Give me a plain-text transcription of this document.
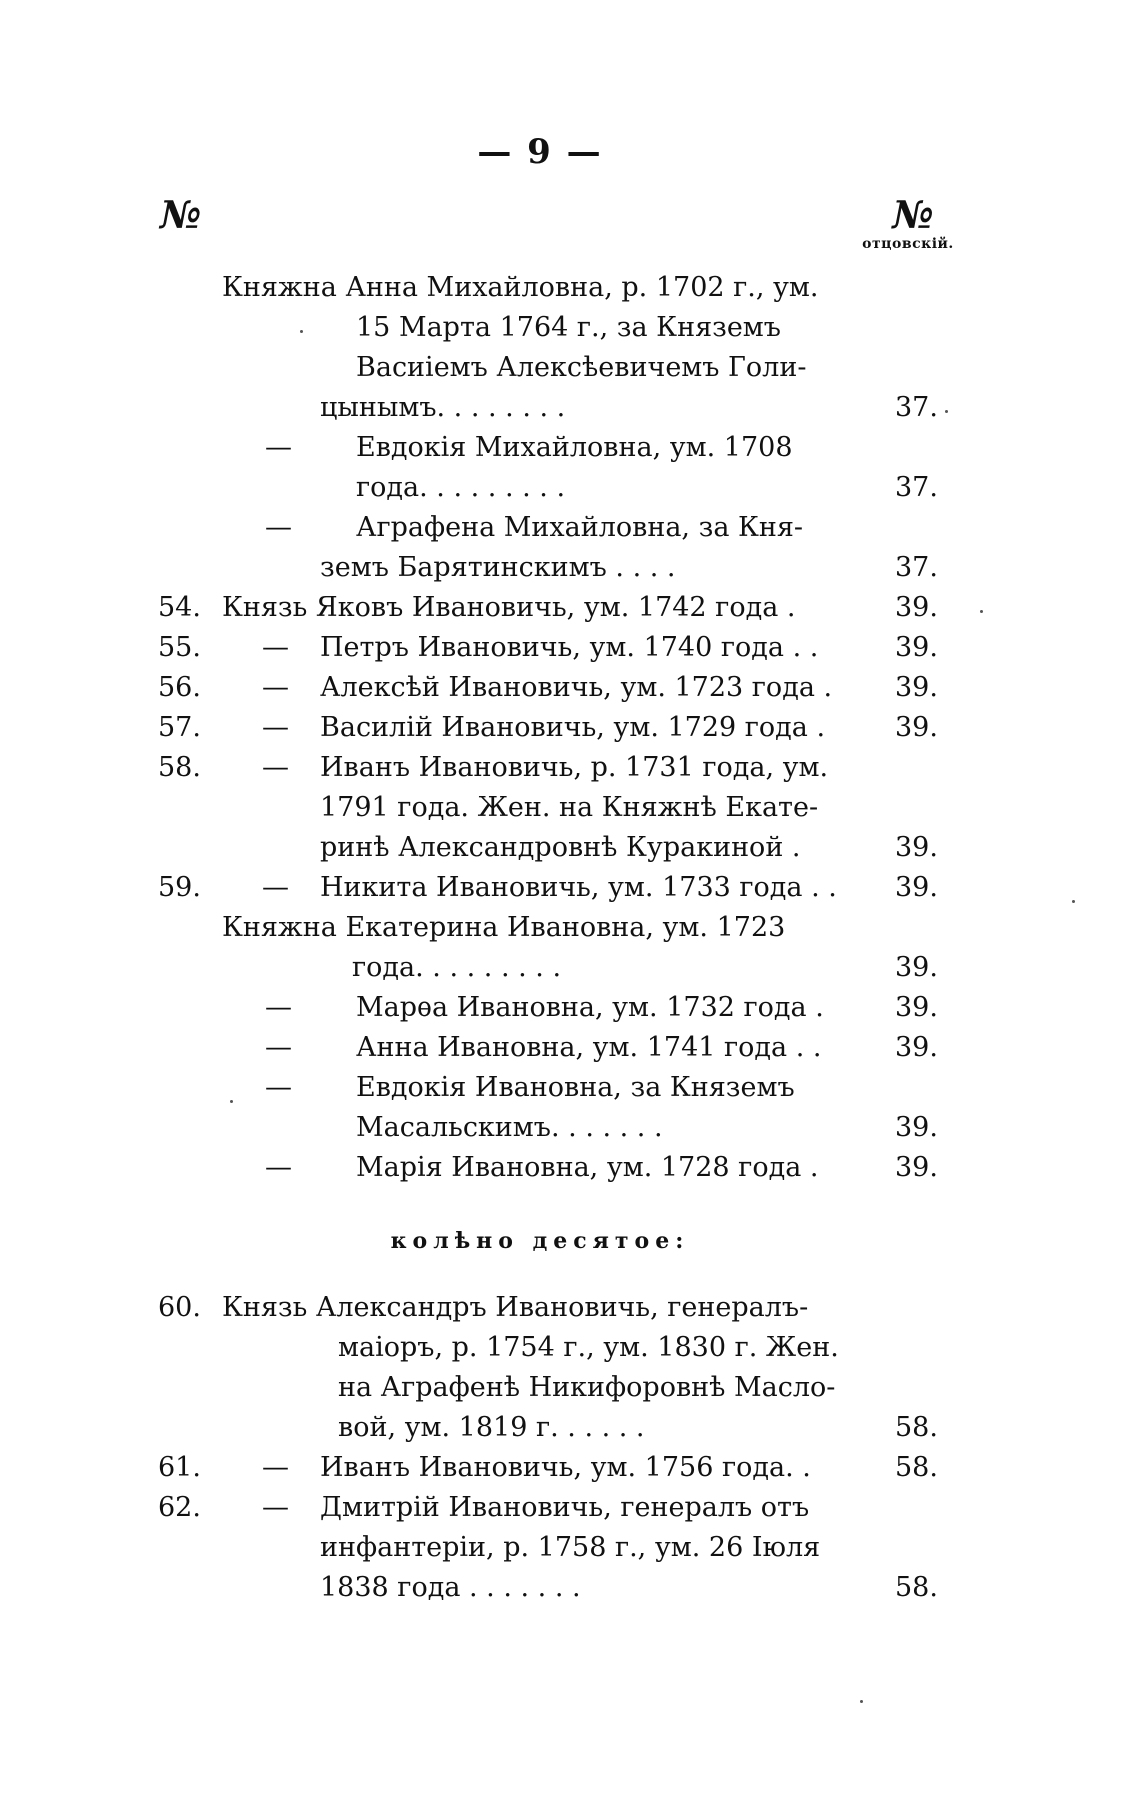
— 9 —
№	№
отцовскій.
Княжна Анна Михайловна, р. 1702 г., ум.
15 Марта 1764 г., за Княземъ
Васиіемъ Алексѣевичемъ Голи-
цынымъ. . . . . . . .	37.
— Евдокія Михайловна, ум. 1708
года. . . . . . . . .	37.
— Аграфена Михайловна, за Кня-
земъ Барятинскимъ . . . .	37.
54. Князь Яковъ Ивановичь, ум. 1742 года .	39.
55. — Петръ Ивановичь, ум. 1740 года . .	39.
56. — Алексѣй Ивановичь, ум. 1723 года . 39.
57. — Василій Ивановичь, ум. 1729 года .	39.
58. — Иванъ Ивановичь, р. 1731 года, ум.
1791 года. Жен. на Княжнѣ Екате-
ринѣ Александровнѣ Куракиной .	39.
59. — Никита Ивановичь, ум. 1733 года . . 39.
Княжна Екатерина Ивановна, ум. 1723
года. . . . . . . . .	39.
— Марѳа Ивановна, ум. 1732 года .	39.
— Анна Ивановна, ум. 1741 года . .	39.
— Евдокія Ивановна, за Княземъ
Масальскимъ. . . . . . .	39.
— Марія Ивановна, ум. 1728 года .	39.
колѣно десятое:
60. Князь Александръ Ивановичь, генералъ-
маіоръ, р. 1754 г., ум. 1830 г. Жен.
на Аграфенѣ Никифоровнѣ Масло-
вой, ум. 1819 г. . . . . .	58.
61. — Иванъ Ивановичь, ум. 1756 года. .	58.
62. — Дмитрій Ивановичь, генералъ отъ
инфантеріи, р. 1758 г., ум. 26 Іюля
1838 года . . . . . . .	58.
